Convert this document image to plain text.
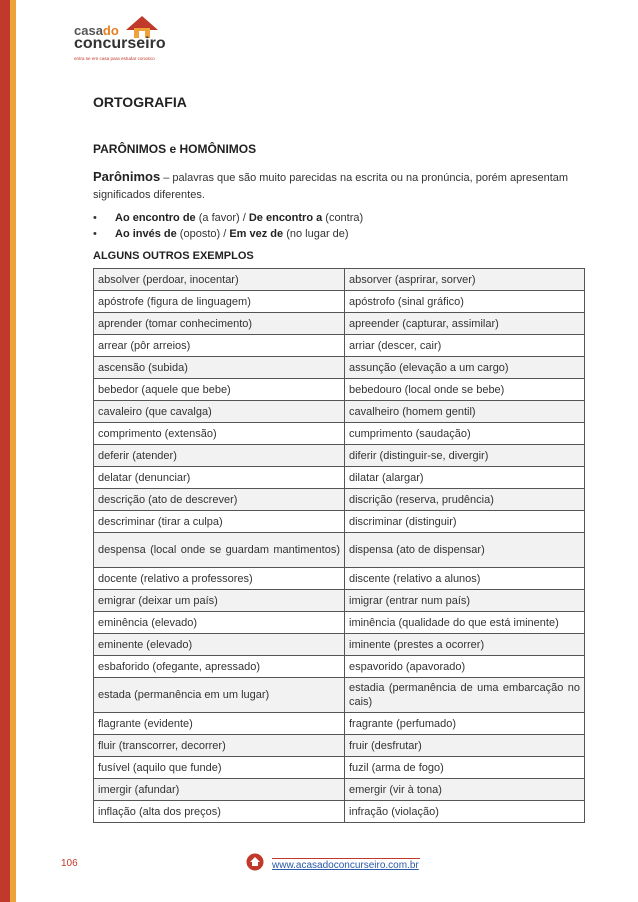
casado
concurseiro
entra se em casa para estudar conosco
ORTOGRAFIA
PARÔNIMOS e HOMÔNIMOS
Parônimos – palavras que são muito parecidas na escrita ou na pronúncia, porém apresentam significados diferentes.
• Ao encontro de (a favor) / De encontro a (contra)
• Ao invés de (oposto) / Em vez de (no lugar de)
ALGUNS OUTROS EXEMPLOS
absolver (perdoar, inocentar)	absorver (asprirar, sorver)
apóstrofe (figura de linguagem)	apóstrofo (sinal gráfico)
aprender (tomar conhecimento)	apreender (capturar, assimilar)
arrear (pôr arreios)	arriar (descer, cair)
ascensão (subida)	assunção (elevação a um cargo)
bebedor (aquele que bebe)	bebedouro (local onde se bebe)
cavaleiro (que cavalga)	cavalheiro (homem gentil)
comprimento (extensão)	cumprimento (saudação)
deferir (atender)	diferir (distinguir-se, divergir)
delatar (denunciar)	dilatar (alargar)
descrição (ato de descrever)	discrição (reserva, prudência)
descriminar (tirar a culpa)	discriminar (distinguir)
despensa (local onde se guardam mantimentos)	dispensa (ato de dispensar)
docente (relativo a professores)	discente (relativo a alunos)
emigrar (deixar um país)	imigrar (entrar num país)
eminência (elevado)	iminência (qualidade do que está iminente)
eminente (elevado)	iminente (prestes a ocorrer)
esbaforido (ofegante, apressado)	espavorido (apavorado)
estada (permanência em um lugar)	estadia (permanência de uma embarcação no cais)
flagrante (evidente)	fragrante (perfumado)
fluir (transcorrer, decorrer)	fruir (desfrutar)
fusível (aquilo que funde)	fuzil (arma de fogo)
imergir (afundar)	emergir (vir à tona)
inflação (alta dos preços)	infração (violação)
106	www.acasadoconcurseiro.com.br
